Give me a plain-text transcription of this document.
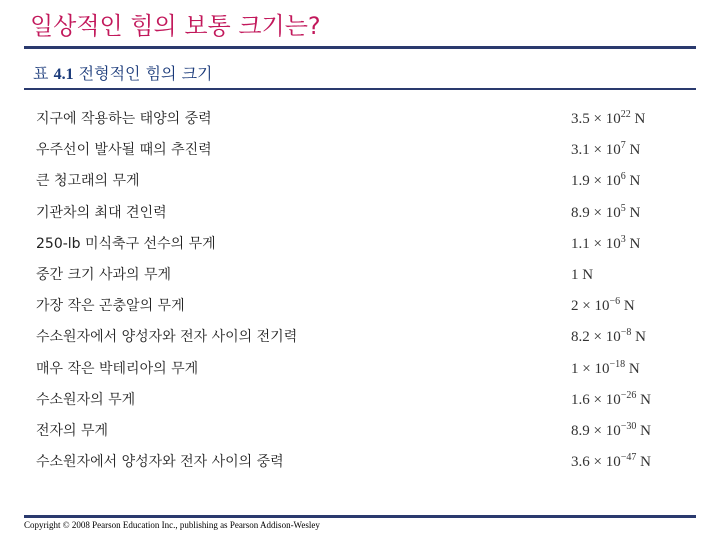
일상적인 힘의 보통 크기는?
표 4.1 전형적인 힘의 크기
지구에 작용하는 태양의 중력	$3.5 \times 10^{22}$ N
우주선이 발사될 때의 추진력	$3.1 \times 10^7$ N
큰 청고래의 무게	$1.9 \times 10^6$ N
기관차의 최대 견인력	$8.9 \times 10^5$ N
250-lb 미식축구 선수의 무게	$1.1 \times 10^3$ N
중간 크기 사과의 무게	1 N
가장 작은 곤충알의 무게	$2 \times 10^{-6}$ N
수소원자에서 양성자와 전자 사이의 전기력	$8.2 \times 10^{-8}$ N
매우 작은 박테리아의 무게	$1 \times 10^{-18}$ N
수소원자의 무게	$1.6 \times 10^{-26}$ N
전자의 무게	$8.9 \times 10^{-30}$ N
수소원자에서 양성자와 전자 사이의 중력	$3.6 \times 10^{-47}$ N
Copyright © 2008 Pearson Education Inc., publishing as Pearson Addison-Wesley
